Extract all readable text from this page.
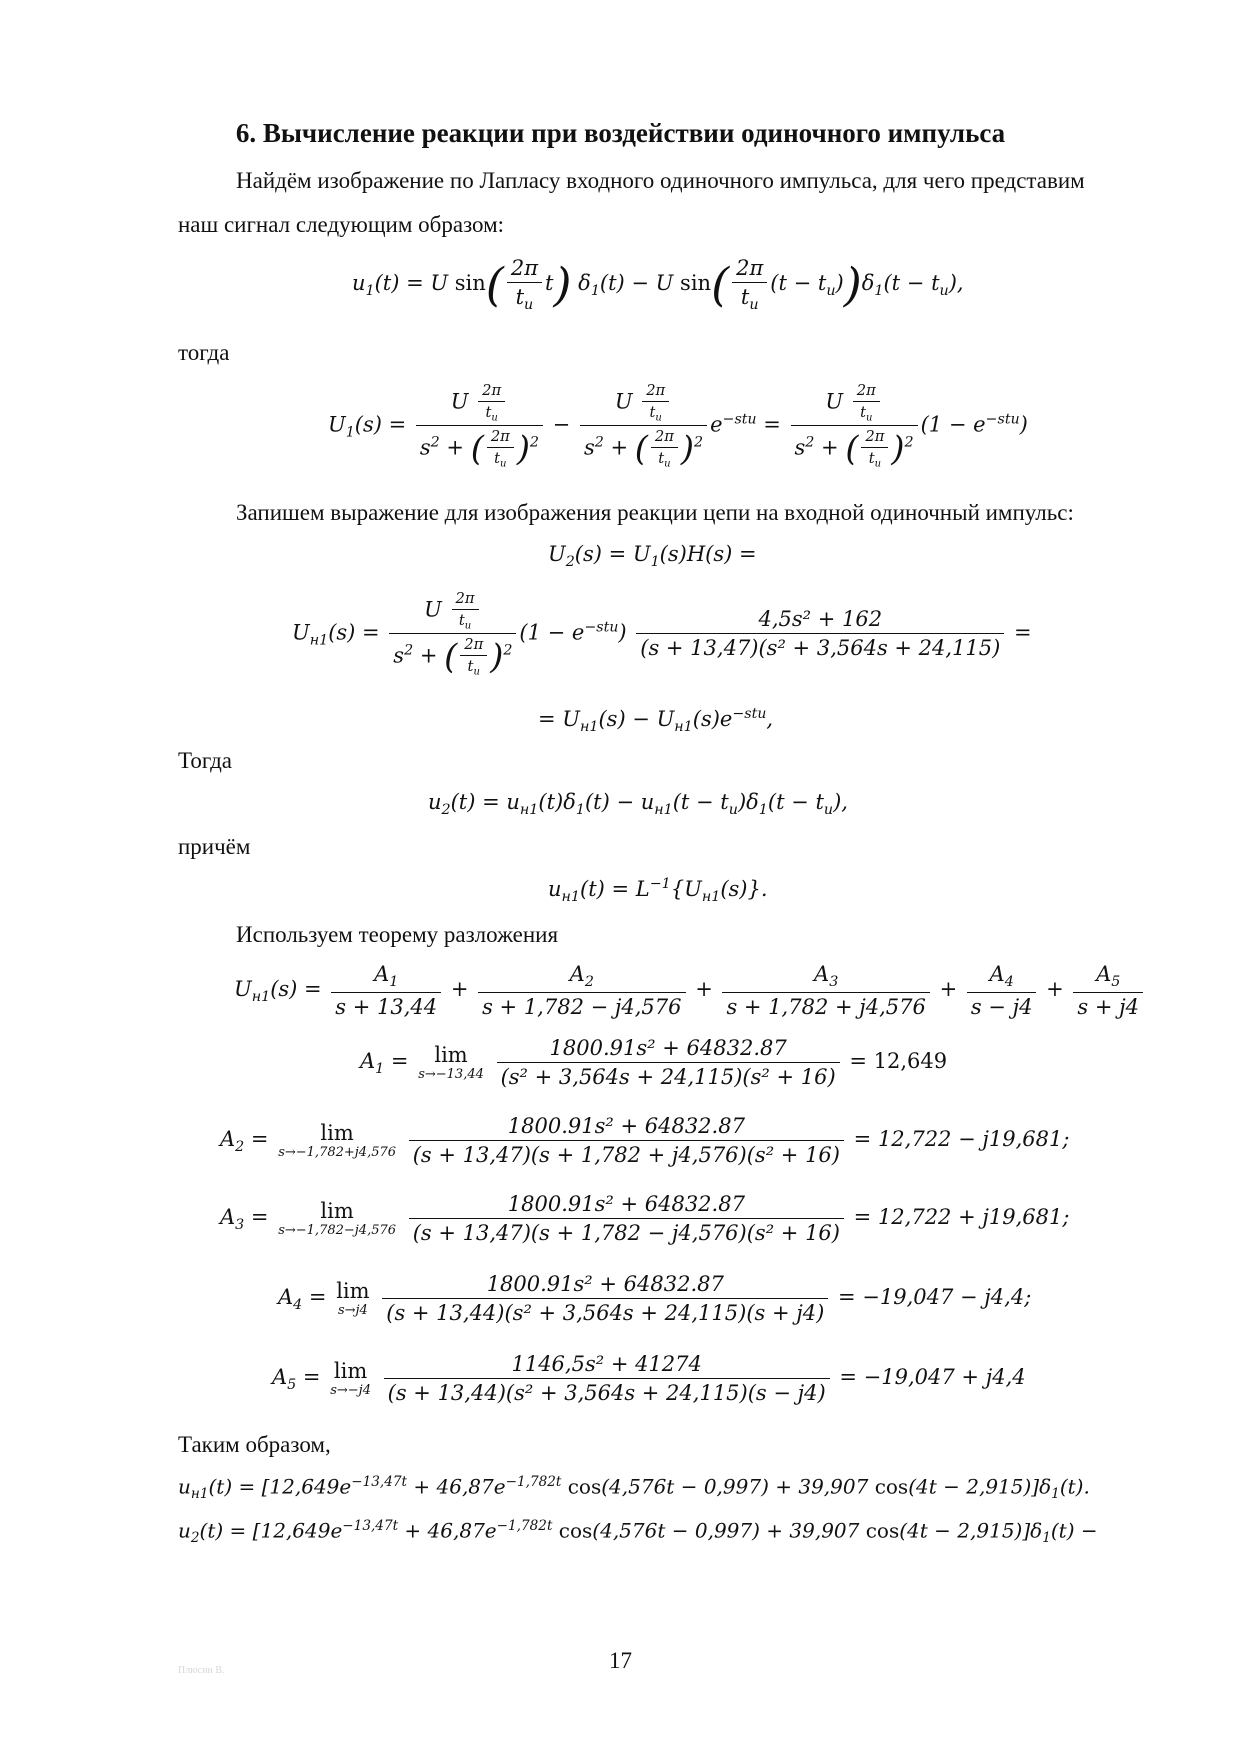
6. Вычисление реакции при воздействии одиночного импульса
Найдём изображение по Лапласу входного одиночного импульса, для чего представим
наш сигнал следующим образом:
$u_1(t) = U$ $\sin( \frac{2\pi}{t_и} t)$ $\delta_1(t) - U$ $\sin( \frac{2\pi}{t_и} (t - t_и))\delta_1(t - t_и)$,
тогда
$U_1(s) = \frac{U \frac{2\pi}{t_и}}{s^2 + ( \frac{2\pi}{t_и} )^2} - \frac{U \frac{2\pi}{t_и}}{s^2 + ( \frac{2\pi}{t_и} )^2} e^{-stи} = \frac{U \frac{2\pi}{t_и}}{s^2 + ( \frac{2\pi}{t_и} )^2} (1 - e^{-stи})$
Запишем выражение для изображения реакции цепи на входной одиночный импульс:
$U_2(s) = U_1(s)H(s)$ =
$U_{н1}(s) = \frac{U \frac{2\pi}{t_и}}{s^2 + ( \frac{2\pi}{t_и} )^2} (1 - e^{-stи}) \frac{\text{4,5s² + 162}}{\text{(s + 13,47)(s² + 3,564s + 24,115)}}$ =
= $U_{н1}(s) - U_{н1}(s)e^{-stи}$,
Тогда
$u_2(t) = u_{н1}(t)\delta_1(t) - u_{н1}(t - t_и)\delta_1(t - t_и)$,
причём
$u_{н1}(t) = L^{-1}\{U_{н1}(s)\}$.
Используем теорему разложения
$U_{н1}(s) = \frac{A_1}{s + 13,44} + \frac{A_2}{s + 1,782 - j4,576} + \frac{A_3}{s + 1,782 + j4,576} + \frac{A_4}{s - j4} + \frac{A_5}{s + j4}$
$A_1 = \lim$
s→−13,44
$\frac{\text{1800.91s² + 64832.87}}{\text{(s² + 3,564s + 24,115)(s² + 16)}} = 12,649$
$A_2$ =	lim
s→−1,782+j4,576
$\frac{\text{1800.91s² + 64832.87}}{\text{(s + 13,47)(s + 1,782 + j4,576)(s² + 16)}} = 12,722 - j19,681$;
$A_3$ =	lim
s→−1,782−j4,576
$\frac{\text{1800.91s² + 64832.87}}{\text{(s + 13,47)(s + 1,782 − j4,576)(s² + 16)}} = 12,722 + j19,681$;
$A_4 = \lim$
s→j4
$\frac{\text{1800.91s² + 64832.87}}{\text{(s + 13,44)(s² + 3,564s + 24,115)(s + j4)}} = -19,047 - j4,4$;
$A_5 = \lim$
s→−j4
$\frac{\text{1146,5s² + 41274}}{\text{(s + 13,44)(s² + 3,564s + 24,115)(s − j4)}} = -19,047 + j4,4$
Таким образом,
$u_{н1}(t) = [12,649e^{-13,47t} + 46,87e^{-1,782t}$ cos(4,576t − 0,997) + 39,907 $\cos(4t - 2,915)]\delta_1(t)$.
$u_2(t) = [12,649e^{-13,47t} + 46,87e^{-1,782t}$ cos(4,576t − 0,997) + 39,907 $\cos(4t - 2,915)]\delta_1(t)$ −
Плюсин В.	17
